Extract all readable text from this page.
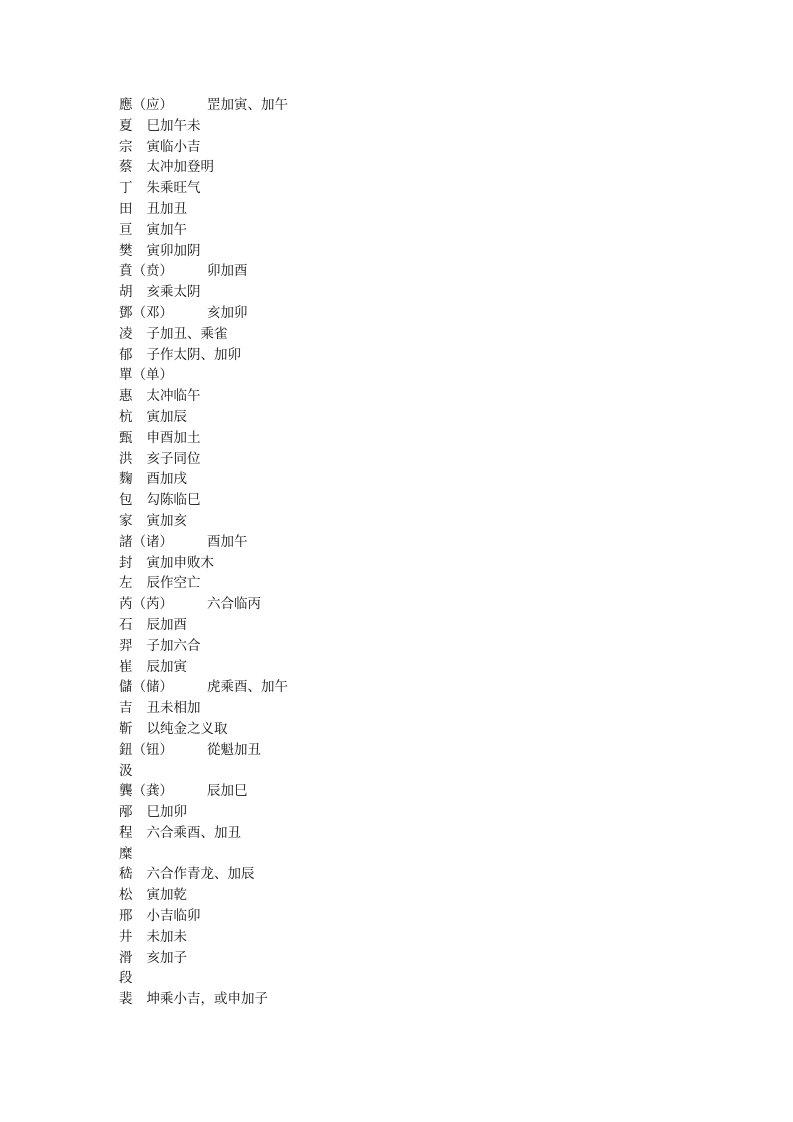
應（应）	罡加寅、加午
夏 巳加午未
宗 寅临小吉
蔡 太冲加登明
丁 朱乘旺气
田 丑加丑
亘 寅加午
樊 寅卯加阴
賁（贲）	卯加酉
胡 亥乘太阴
鄧（邓）	亥加卯
凌 子加丑、乘雀
郁 子作太阴、加卯
單（单）
惠 太冲临午
杭 寅加辰
甄 申酉加土
洪 亥子同位
麴 酉加戌
包 勾陈临巳
家 寅加亥
諸（诸）	酉加午
封 寅加申败木
左 辰作空亡
芮（芮）	六合临丙
石 辰加酉
羿 子加六合
崔 辰加寅
儲（储）	虎乘酉、加午
吉 丑未相加
靳 以纯金之义取
鈕（钮）	從魁加丑
汲
龔（龚）	辰加巳
邴 巳加卯
程 六合乘酉、加丑
糜
嵇 六合作青龙、加辰
松 寅加乾
邢 小吉临卯
井 未加未
滑 亥加子
段
裴 坤乘小吉，或申加子
